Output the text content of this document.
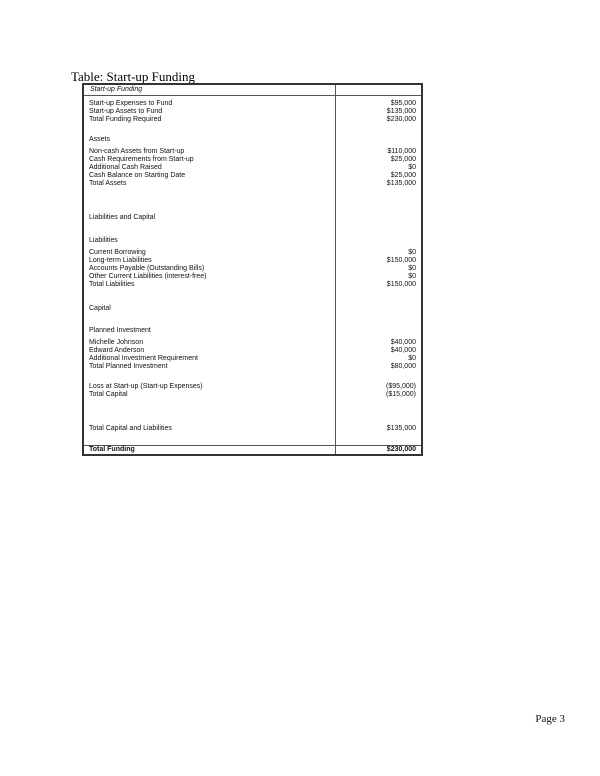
Table: Start-up Funding
Start-up Funding
Start-up Expenses to Fund	$95,000
Start-up Assets to Fund	$135,000
Total Funding Required	$230,000
Assets
Non-cash Assets from Start-up	$110,000
Cash Requirements from Start-up	$25,000
Additional Cash Raised	$0
Cash Balance on Starting Date	$25,000
Total Assets	$135,000
Liabilities and Capital
Liabilities
Current Borrowing	$0
Long-term Liabilities	$150,000
Accounts Payable (Outstanding Bills)	$0
Other Current Liabilities (interest-free)	$0
Total Liabilities	$150,000
Capital
Planned Investment
Michelle Johnson	$40,000
Edward Anderson	$40,000
Additional Investment Requirement	$0
Total Planned Investment	$80,000
Loss at Start-up (Start-up Expenses)	($95,000)
Total Capital	($15,000)
Total Capital and Liabilities	$135,000
Total Funding	$230,000
Page 3
